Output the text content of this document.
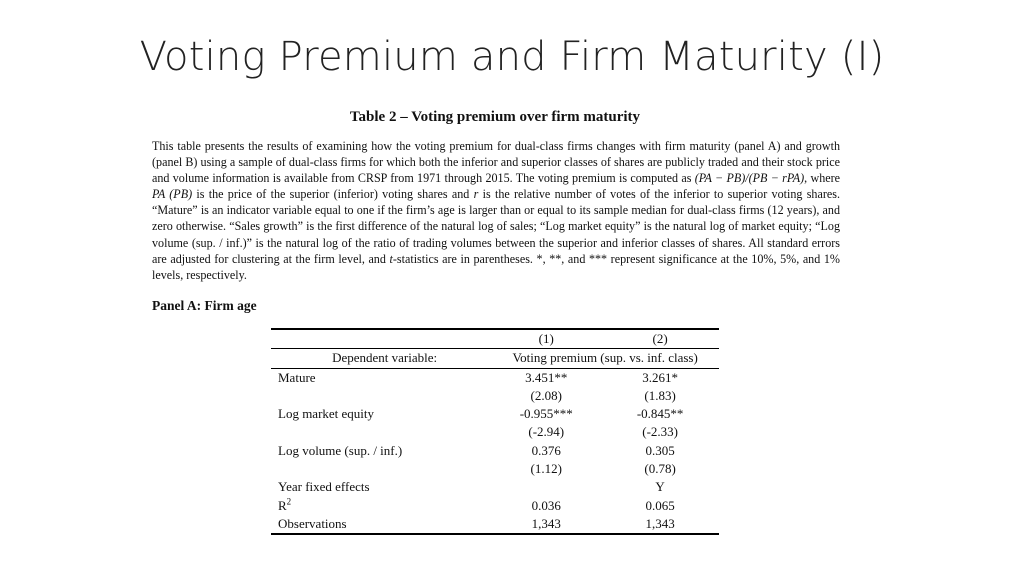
Voting Premium and Firm Maturity (I)
Table 2 – Voting premium over firm maturity

This table presents the results of examining how the voting premium for dual-class firms changes with firm maturity (panel A) and growth (panel B) using a sample of dual-class firms for which both the inferior and superior classes of shares are publicly traded and their stock price and volume information is available from CRSP from 1971 through 2015. The voting premium is computed as (PA − PB)/(PB − rPA), where PA (PB) is the price of the superior (inferior) voting shares and r is the relative number of votes of the inferior to superior voting shares. “Mature” is an indicator variable equal to one if the firm’s age is larger than or equal to its sample median for dual-class firms (12 years), and zero otherwise. “Sales growth” is the first difference of the natural log of sales; “Log market equity” is the natural log of market equity; “Log volume (sup. / inf.)” is the natural log of the ratio of trading volumes between the superior and inferior classes of shares. All standard errors are adjusted for clustering at the firm level, and t-statistics are in parentheses. *, **, and *** represent significance at the 10%, 5%, and 1% levels, respectively.

Panel A: Firm age
	(1)	(2)
Dependent variable:	Voting premium (sup. vs. inf. class)	
Mature	3.451**	3.261*
	(2.08)	(1.83)
Log market equity	-0.955***	-0.845**
	(-2.94)	(-2.33)
Log volume (sup. / inf.)	0.376	0.305
	(1.12)	(0.78)
Year fixed effects		Y
$R^2$	0.036	0.065
Observations	1,343	1,343
